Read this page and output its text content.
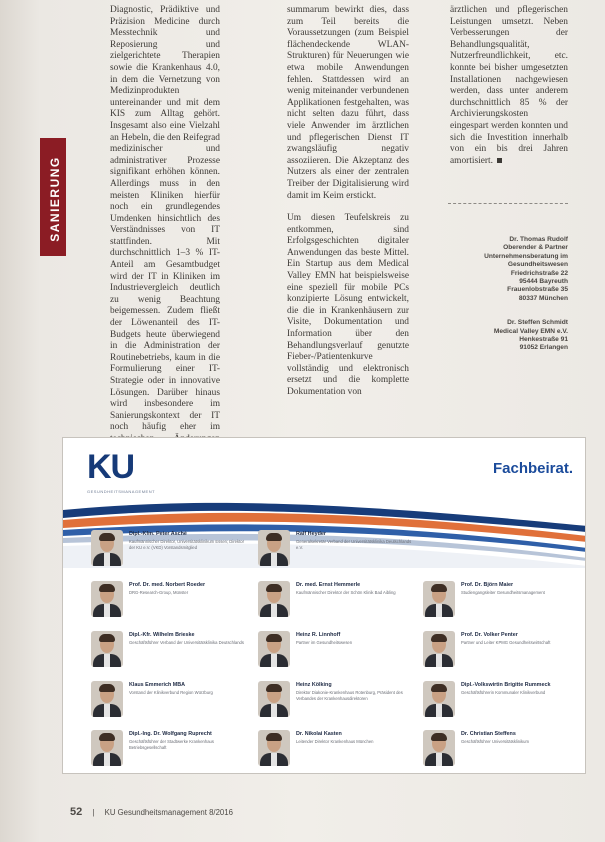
SANIERUNG

Diagnostic, Prädiktive und Präzision Medicine durch Messtechnik und Reposierung und zielgerichtete Therapien sowie die Krankenhaus 4.0, in dem die Vernetzung von Medizinprodukten untereinander und mit dem KIS zum Alltag gehört. Insgesamt also eine Vielzahl an Hebeln, die den Reifegrad medizinischer und administrativer Prozesse signifikant erhöhen können. Allerdings muss in den meisten Kliniken hierfür noch ein grundlegendes Umdenken hinsichtlich des Verständnisses von IT stattfinden. Mit durchschnittlich 1–3 % IT-Anteil am Gesamtbudget wird der IT in Kliniken im Industrievergleich deutlich zu wenig Beachtung beigemessen. Zudem fließt der Löwenanteil des IT-Budgets heute überwiegend in die Administration der Routinebetriebs, kaum in die Formulierung einer IT-Strategie oder in innovative Lösungen. Darüber hinaus wird insbesondere im Sanierungskontext der IT noch häufig eher im

summarum bewirkt dies, dass zum Teil bereits die Voraussetzungen (zum Beispiel flächendeckende WLAN-Strukturen) für Neuerungen wie etwa mobile Anwendungen fehlen. Stattdessen wird an wenig miteinander verbundenen Applikationen festgehalten, was nicht selten dazu führt, dass viele Anwender im ärztlichen und pflegerischen Dienst IT zwangsläufig negativ assoziieren. Die Akzeptanz des Nutzers als einer der zentralen Treiber der Digitalisierung wird damit im Keim erstickt.

Um diesen Teufelskreis zu entkommen, sind Erfolgsgeschichten digitaler Anwendungen das beste Mittel. Ein Startup aus dem Medical Valley EMN hat beispielsweise eine speziell für mobile PCs konzipierte Lösung entwickelt, die die in Krankenhäusern zur Visite, Dokumentation und Information über den Behandlungsverlauf genutzte Fieber-/Patientenkurve vollständig und elektronisch ersetzt und die komplette Dokumentation von

ärztlichen und pflegerischen Leistungen umsetzt. Neben Verbesserungen der Behandlungsqualität, Nutzerfreundlichkeit, etc. konnte bei bisher umgesetzten Installationen nachgewiesen werden, dass unter anderem durchschnittlich 85 % der Archivierungskosten eingespart werden konnten und sich die Investition innerhalb von ein bis drei Jahren amortisiert.

Dr. Thomas Rudolf
Oberender & Partner
Unternehmensberatung im
Gesundheitswesen
Friedrichstraße 22
95444 Bayreuth
Frauenlobstraße 35
80337 München
Dr. Steffen Schmidt
Medical Valley EMN e.V.
Henkestraße 91
91052 Erlangen
KU
GESUNDHEITSMANAGEMENT
Fachbeirat.
Dipl.-Kfm. Peter Asché
Kaufmännischer Direktor, Universitätsklinikum Essen; Direktor der KU e.V. (VKD) Vorstandsmitglied
Prof. Dr. med. Norbert Roeder
DRG-Research-Group, Münster
Dipl.-Kfr. Wilhelm Brieske
Geschäftsführer Verband der Universitätsklinika Deutschlands
Klaus Emmerich MBA
Vorstand der Klinikverbund Region Würzburg
Dipl.-Ing. Dr. Wolfgang Ruprecht
Geschäftsführer der Stadtwerke Krankenhaus Betriebsgesellschaft
Ralf Heyder
Generalsekretär Verband der Universitätsklinika Deutschlands e.V.
Dr. med. Ernst Hemmerle
Kaufmännischer Direktor der Schön Klinik Bad Aibling
Heinz R. Linnhoff
Partner im Gesundheitswesen
Heinz Kölking
Direktor Diakonie-Krankenhaus Rotenburg, Präsident des Verbandes der Krankenhausdirektoren
Dr. Nikolai Kasten
Leitender Direktor Krankenhaus München
Prof. Dr. Björn Maier
Studiengangsleiter Gesundheitsmanagement
Prof. Dr. Volker Penter
Partner und Leiter KPMG Gesundheitswirtschaft
Dipl.-Volkswirtin Brigitte Rummeck
Geschäftsführerin Kommunaler Klinikverbund
Dr. Christian Steffens
Geschäftsführer Universitätsklinikum
52 | KU Gesundheitsmanagement 8/2016
